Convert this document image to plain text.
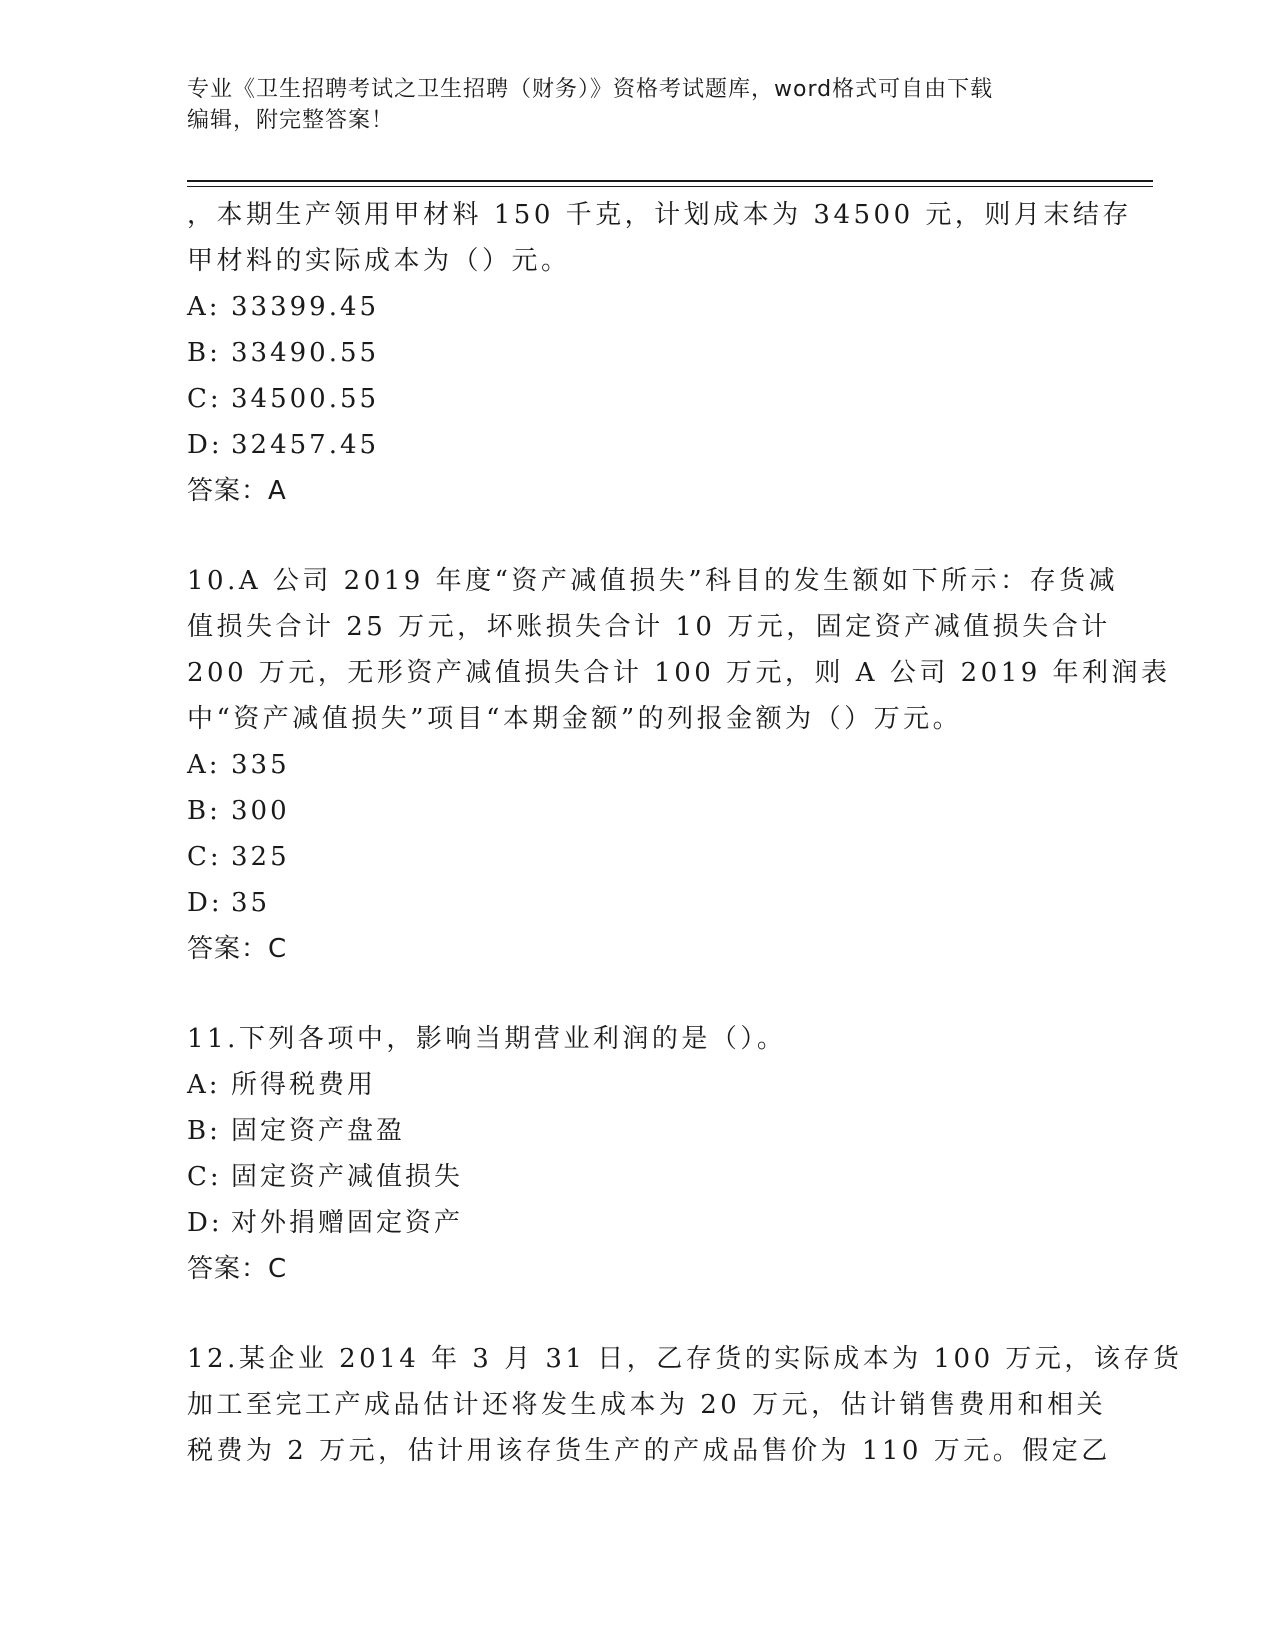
专业《卫生招聘考试之卫生招聘（财务）》资格考试题库，word格式可自由下载
编辑，附完整答案！
，本期生产领用甲材料 150 千克，计划成本为 34500 元，则月末结存
甲材料的实际成本为（）元。
A: 33399.45
B: 33490.55
C: 34500.55
D: 32457.45
答案：A
10.A 公司 2019 年度“资产减值损失”科目的发生额如下所示：存货减
值损失合计 25 万元，坏账损失合计 10 万元，固定资产减值损失合计
200 万元，无形资产减值损失合计 100 万元，则 A 公司 2019 年利润表
中“资产减值损失”项目“本期金额”的列报金额为（）万元。
A: 335
B: 300
C: 325
D: 35
答案：C
11.下列各项中，影响当期营业利润的是（）。
A: 所得税费用
B: 固定资产盘盈
C: 固定资产减值损失
D: 对外捐赠固定资产
答案：C
12.某企业 2014 年 3 月 31 日，乙存货的实际成本为 100 万元，该存货
加工至完工产成品估计还将发生成本为 20 万元，估计销售费用和相关
税费为 2 万元，估计用该存货生产的产成品售价为 110 万元。假定乙
